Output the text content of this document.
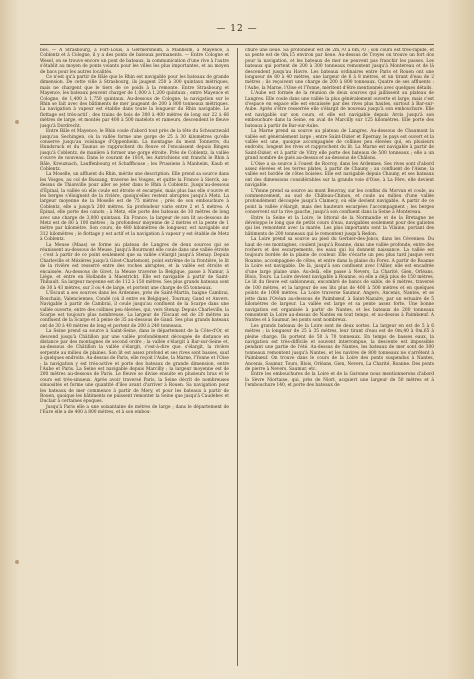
— 12 —

bos. — A Strasbourg, à Fort-Louis, à Germersheim, à Manheim, à Mayence, à Coblentz et à Cologne, il y a des ponts de bateaux permanents. — Entre Cologne et Wesel, on se trouve encore un pont de bateaux, la communication d'une rive à l'autre s'établit au moyen de ponts volants pour les villes les plus importantes, et au moyen de bacs pour les autres localités.

Ce n'est qu'à partir de Bâle que le Rhin est navigable pour les bateaux de grande dimension. De cette ville à Strasbourg, ils jaugent 250 à 300 quintaux métriques, mais ne chargent que le tiers de ce poids à la remonte. Entre Strasbourg et Mayence, les bateaux peuvent charger de 1,000 à 1,200 quintaux ; entre Mayence et Cologne, de 1,400 à 1,750 quintaux. Au-dessous de Cologne, la navigation sur le Rhin se fait avec des bâtiments de mer jaugeant de 200 à 800 tonneaux métriques. La navigation à vapeur est établie dans toute la longueur du Rhin navigable. Le flottage est très-actif ; des trains de bois de 300 à 400 mètres de long sur 22 à 66 mètres de large, et montés par 400 à 500 matelots et rameurs, descendent le fleuve jusqu'à Dordrecht.

Entre Bâle et Mayence, le Rhin coule d'abord tout près de la tête du Schwarzwald jusqu'au Sechingen, où la vallée forme une gorge de 25 à 30 kilomètres qu'elle conserve jusqu'au voisinage d'Oppenheim. La montagne du mont Tonnerre, du Hundsruck et du Taunus se rapprochent du fleuve et l'encaissent depuis Bingen jusqu'à Coblentz, de manière à former une gorge étroite. Près de Coblentz, la vallée s'ouvre de nouveau. Dans le courant de 1814, les Autrichiens ont franchi le Rhin à Bâle, Kreuznach, Lauffenbourg et Schaffhouse ; les Prussiens à Manheim, Kaub et Coblentz.

La Moselle, un affluent du Rhin, mérite une description. Elle prend sa source dans les Vosges, au col de Bussang, traverse les Vosges, et quitte la France à Sierck, au-dessus de Thionville pour aller se jeter dans le Rhin à Coblentz. Jusqu'au-dessous d'Épinal, la vallée où elle coule est étroite et escarpée, mais plus bas elle s'ouvre et les berges s'éloignent de la rivière, quoiqu'elles restent abruptes jusqu'à Metz. La largeur moyenne de la Moselle est de 75 mètres ; près de son embouchure à Coblentz, elle a jusqu'à 200 mètres. Sa profondeur varie entre 2 et 5 mètres. A Épinal, elle porte des canots ; à Metz, elle porte des bateaux de 30 mètres de long avec une charge de 3,000 quintaux. En France, la largeur de son lit au-dessous de Metz est de 80 à 100 mètres ; la profondeur moyenne de 2 mètres et la pente de 1 mètre par kilomètre. Son cours, de 480 kilomètres de longueur, est navigable sur 312 kilomètres ; le flottage y est actif et la navigation à vapeur y est établie de Metz à Coblentz.

La Meuse (Maas) se forme au plateau de Langres de deux sources qui se réunissent au-dessous de Meuse. Jusqu'à Bourmont elle coule dans une vallée étroite ; c'est à partir de ce point seulement que sa vallée s'élargit jusqu'à Stenay. Depuis Charleville et Mézières jusqu'à Givet-Charlemont, point extrême de la frontière, le lit de la rivière est resserré entre des roches abruptes, et la vallée est étroite et encaissée. Au-dessous de Givet, la Meuse traverse la Belgique, passe à Namur, à Liège, et entre en Hollande à Maestricht. Elle est navigable à partir de Saint-Thibault. Sa largeur moyenne est de 112 à 150 mètres. Ses plus grands bateaux sont de 30 à 43 mètres, sur 3 ou 4 de large, et portent une charge de 65 tonneaux.

L'Escaut a ses sources dans les Ardennes, près de Saint-Martin, baigne Cambrai, Bouchain, Valenciennes, Condé (où il entre en Belgique), Tournay, Gand et Anvers. Navigable à partir de Cambrai, il coule jusqu'au confluent de la Scarpe dans une vallée ouverte, entre des collines peu élevées, qui, vers Stenay. Depuis Charleville, la Scarpe est toujours plus nombreuse. La largeur de l'Escaut est de 20 mètres au confluent de la Scarpe et à peine de 35 au-dessous de Gand. Ses plus grands bateaux ont de 30 à 40 mètres de long et portent de 200 à 240 tonneaux.

La Seine prend sa source à Saint-Seine, dans le département de la Côte-d'Or, et descend jusqu'à Châtillon par une vallée profondément découpée de distance en distance par des montagnes de second ordre ; la vallée s'élargit à Bar-sur-Seine et, au-dessous de Châtillon la vallée s'élargit, c'est-à-dire que, s'élargit, la rivière serpente au milieu de plaines. Son lit est assez profond et ses rives sont basses, sauf à quelques endroits. Au-dessus de Paris, elle reçoit l'Aube, la Marne, l'Yonne et l'Oise ; la navigation y est très-active et porte des bateaux de grande dimension, entre l'Aube et Paris. La Seine est navigable depuis Marcilly ; la largeur moyenne est de 200 mètres au-dessous de Paris. Le fleuve se divise ensuite en plusieurs bras et le cours est très-sinueux. Après avoir traversé Paris, la Seine décrit de nombreuses sinuosités et forme une quantité d'îles avant d'arriver à Rouen. Sa navigation pour les bateaux de mer commence à partir de Mery, et pour les bateaux à partir de Rouen, quoique les bâtiments ne puissent remonter la Seine que jusqu'à Caudebec et Duclair à certaines époques.

Jusqu'à Paris elle a une soixantaine de mètres de large ; dans le département de l'Eure elle a de 400 à 800 mètres, et à son embou-

chure une lieue. Sa profondeur est de 2m,70 à 6m,70 ; son cours est très-rapide, et sa pente est de 0m,15 environ par lieue. Au-dessus de Troyes on trouve un fort dos pour la navigation, et les bateaux de mer ne peuvent pas franchir les passes. Les bateaux qui portent de 200 à 300 tonneaux remontent jusqu'à Montereau et de là descendent jusqu'au Havre. Les bateaux ordinaires entre Paris et Rouen ont une longueur de 80 à 40 mètres, une largeur de 6 à 8 mètres, et un tirant d'eau de 2 mètres ; ils reçoivent une charge de 200 à 800 tonneaux. Quatre de ses affluents : l'Aube, la Marne, l'Oise et l'Yonne, méritent d'être mentionnés avec quelques détails.

L'Aube est formée de la réunion de deux sources qui jaillissent au plateau de Langres. Elle coule dans une vallée la plus généralement ouverte et large, mais c'est d'espace en espace elle est encaissée par des rives plus hautes, surtout à Bar-sur-Aube. Après s'être resserrée elle s'élargit de nouveau jusqu'à son embouchure. Elle est navigable sur son cours, et elle est navigable depuis Arcis jusqu'à son embouchure dans la Seine, en aval de Marcilly sur 125 kilomètres. Elle porte des bateaux à partir de Bar-sur-Aube.

La Marne prend sa source au plateau de Langres. Au-dessous de Chaumont la vallée est généralement large ; entre Saint-Dizier et Épernay, le pays est ouvert et la vallée est une, quoique accompagnée de collines peu élevées qui, en plusieurs endroits, longent les rives et rapprochent du lit. La Marne est navigable à partir de Saint-Dizier, et à partir de Vitry elle porte des bateaux de 500 tonneaux ; elle a un grand nombre de gués au-dessus et au-dessous de Châlons.

L'Oise a sa source à l'ouest de Rocroy, dans les Ardennes. Ses rives sont d'abord assez élevées et les terres plates, à partir de Chauny ; au confluent de l'Aisne, la vallée est bordée de côtes boisées. Elle est navigable depuis Chauny, et ses bateaux ont des dimensions considérables sur la grande voie d'Oise, à La Fère, elle devient navigable.

L'Yonne prend sa source au mont Beuvray, sur les confins du Morvan et coule, au commencement, au sud de Château-Chinon, et coule au milieu d'une vallée profondément découpée jusqu'à Clamecy, où elle devient navigable. A partir de ce point la vallée s'élargit, mais des hauteurs escarpées l'accompagnent ; les berges conservent sur la rive gauche, jusqu'à son confluent dans la Seine à Montereau.

Entre la Seine et la Loire, le littoral de la Normandie et de la Bretagne ne développe le long que de petits cours d'eau, navigables seulement pour des galiotes qui les remontent avec la marée. Les plus importants sont la Vilaine, portant des bâtiments de 200 tonneaux qui le remontent jusqu'à Redon.

La Loire prend sa source au pied du Gerbier-des-Joncs, dans les Cévennes. Du haut de ces montagnes, coulent jusqu'à Roanne, dans une vallée profonde, entre des rochers et des escarpements, les eaux qui lui donnent naissance. La vallée est toujours bordée de la plaine de couleur. Elle s'écarte un peu plus tard jusque vers Roanne, accompagnée de côtes, et entre dans la plaine du Forez. A partir de Roanne la Loire est navigable. De là, jusqu'à son confluent avec l'Allier, elle est encadrée d'une large plaine unie. Au-delà, elle passe à Nevers, La Charité, Gien, Orléans, Blois, Tours. La Loire devient navigable à Roanne, où elle a déjà plus de 150 mètres. Le lit du fleuve est sablonneux, encombré de bancs de sable, de 6 mètres, traversé de 100 mètres, et la largeur de ses lits plus de 400 à 500 mètres et en quelques points de 1000 mètres. La Loire traverse Saumur, Angers, Ancenis, Nantes, et se jette dans l'Océan au-dessous de Paimbœuf, à Saint-Nazaire, par un estuaire de 5 kilomètres de largeur. La vallée est large et sa pente assez forte. Une bonne navigation est organisée à partir de Nantes, et les bateaux de 200 tonneaux remontent la Loire au-dessus de Nantes en tout temps, et au-dessus à Paimbœuf. A Nantes et à Saumur, les ponts sont nombreux.

Les grands bateaux de la Loire sont de deux sortes. La largeur en est de 5 à 6 mètres ; la longueur de 25 à 35 mètres, leur tirant d'eau est de 0m,40 à 0m,65 à pleine charge. Ils portent de 50 à 70 tonneaux. En temps de basses eaux, la navigation est très-difficile et souvent interrompue, la descente est impossible pendant une partie de l'été. Au-dessus de Nantes, les bateaux de mer sont de 300 tonneaux remontent jusqu'à Nantes, et les navires de 800 tonneaux ne s'arrêtent à Paimbœuf. On trouve dans le cours de la Loire des ponts suspendus à Nantes, Ancenis, Saumur, Tours, Blois, Orléans, Gien, Nevers, La Charité, Roanne. Des ponts de pierre à Nevers, Saumur, etc.

Entre les embouchures de la Loire et de la Garonne nous mentionnerons d'abord la Sèvre Niortaise, qui, près de Niort, acquiert une largeur de 50 mètres et à l'embouchure 140, et porte des bateaux de
